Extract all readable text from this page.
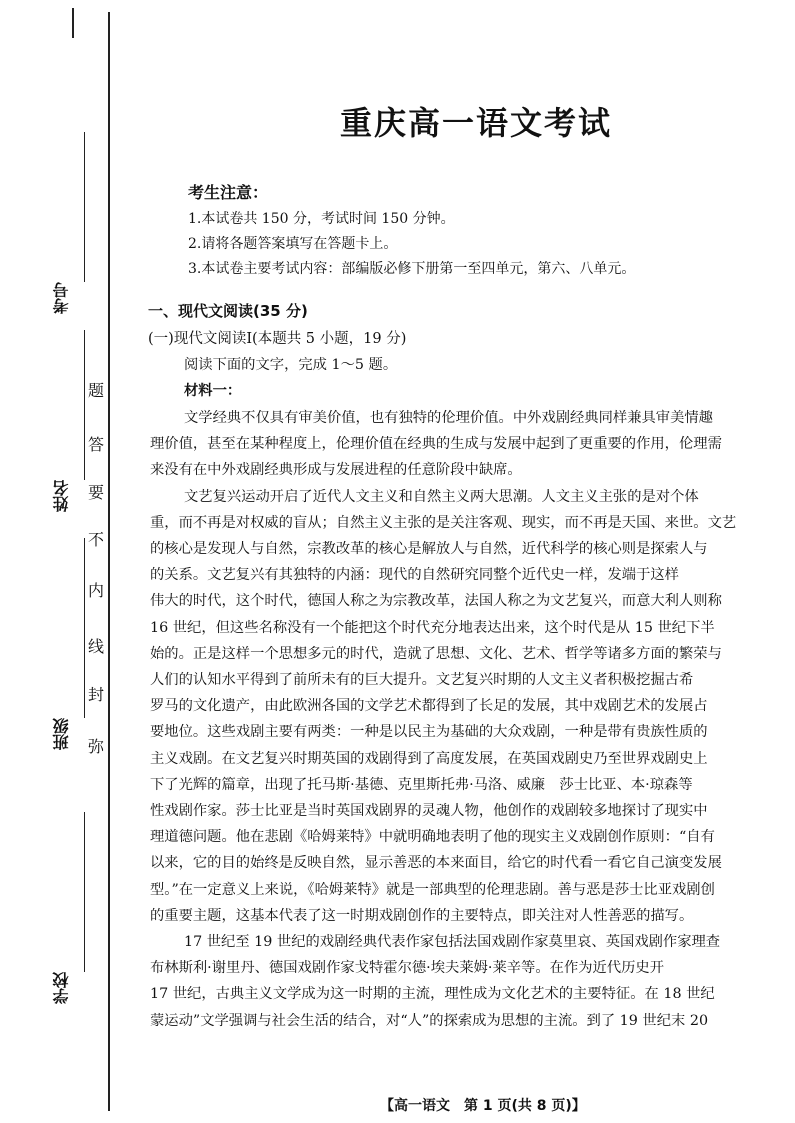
考号
姓名
班级
学校
题
答
要
不
内
线
封
弥
重庆高一语文考试
考生注意：
1.本试卷共 150 分，考试时间 150 分钟。
2.请将各题答案填写在答题卡上。
3.本试卷主要考试内容：部编版必修下册第一至四单元，第六、八单元。
一、现代文阅读(35 分)
(一)现代文阅读Ⅰ(本题共 5 小题，19 分)
阅读下面的文字，完成 1～5 题。
材料一：
文学经典不仅具有审美价值，也有独特的伦理价值。中外戏剧经典同样兼具审美情趣
理价值，甚至在某种程度上，伦理价值在经典的生成与发展中起到了更重要的作用，伦理需
来没有在中外戏剧经典形成与发展进程的任意阶段中缺席。
文艺复兴运动开启了近代人文主义和自然主义两大思潮。人文主义主张的是对个体
重，而不再是对权威的盲从；自然主义主张的是关注客观、现实，而不再是天国、来世。文艺
的核心是发现人与自然，宗教改革的核心是解放人与自然，近代科学的核心则是探索人与
的关系。文艺复兴有其独特的内涵：现代的自然研究同整个近代史一样，发端于这样
伟大的时代，这个时代，德国人称之为宗教改革，法国人称之为文艺复兴，而意大利人则称
16 世纪，但这些名称没有一个能把这个时代充分地表达出来，这个时代是从 15 世纪下半
始的。正是这样一个思想多元的时代，造就了思想、文化、艺术、哲学等诸多方面的繁荣与
人们的认知水平得到了前所未有的巨大提升。文艺复兴时期的人文主义者积极挖掘古希
罗马的文化遗产，由此欧洲各国的文学艺术都得到了长足的发展，其中戏剧艺术的发展占
要地位。这些戏剧主要有两类：一种是以民主为基础的大众戏剧，一种是带有贵族性质的
主义戏剧。在文艺复兴时期英国的戏剧得到了高度发展，在英国戏剧史乃至世界戏剧史上
下了光辉的篇章，出现了托马斯·基德、克里斯托弗·马洛、威廉　莎士比亚、本·琼森等
性戏剧作家。莎士比亚是当时英国戏剧界的灵魂人物，他创作的戏剧较多地探讨了现实中
理道德问题。他在悲剧《哈姆莱特》中就明确地表明了他的现实主义戏剧创作原则：“自有
以来，它的目的始终是反映自然，显示善恶的本来面目，给它的时代看一看它自己演变发展
型。”在一定意义上来说，《哈姆莱特》就是一部典型的伦理悲剧。善与恶是莎士比亚戏剧创
的重要主题，这基本代表了这一时期戏剧创作的主要特点，即关注对人性善恶的描写。
17 世纪至 19 世纪的戏剧经典代表作家包括法国戏剧作家莫里哀、英国戏剧作家理查
布林斯利·谢里丹、德国戏剧作家戈特霍尔德·埃夫莱姆·莱辛等。在作为近代历史开
17 世纪，古典主义文学成为这一时期的主流，理性成为文化艺术的主要特征。在 18 世纪
蒙运动”文学强调与社会生活的结合，对“人”的探索成为思想的主流。到了 19 世纪末 20
【高一语文　第 1 页(共 8 页)】
